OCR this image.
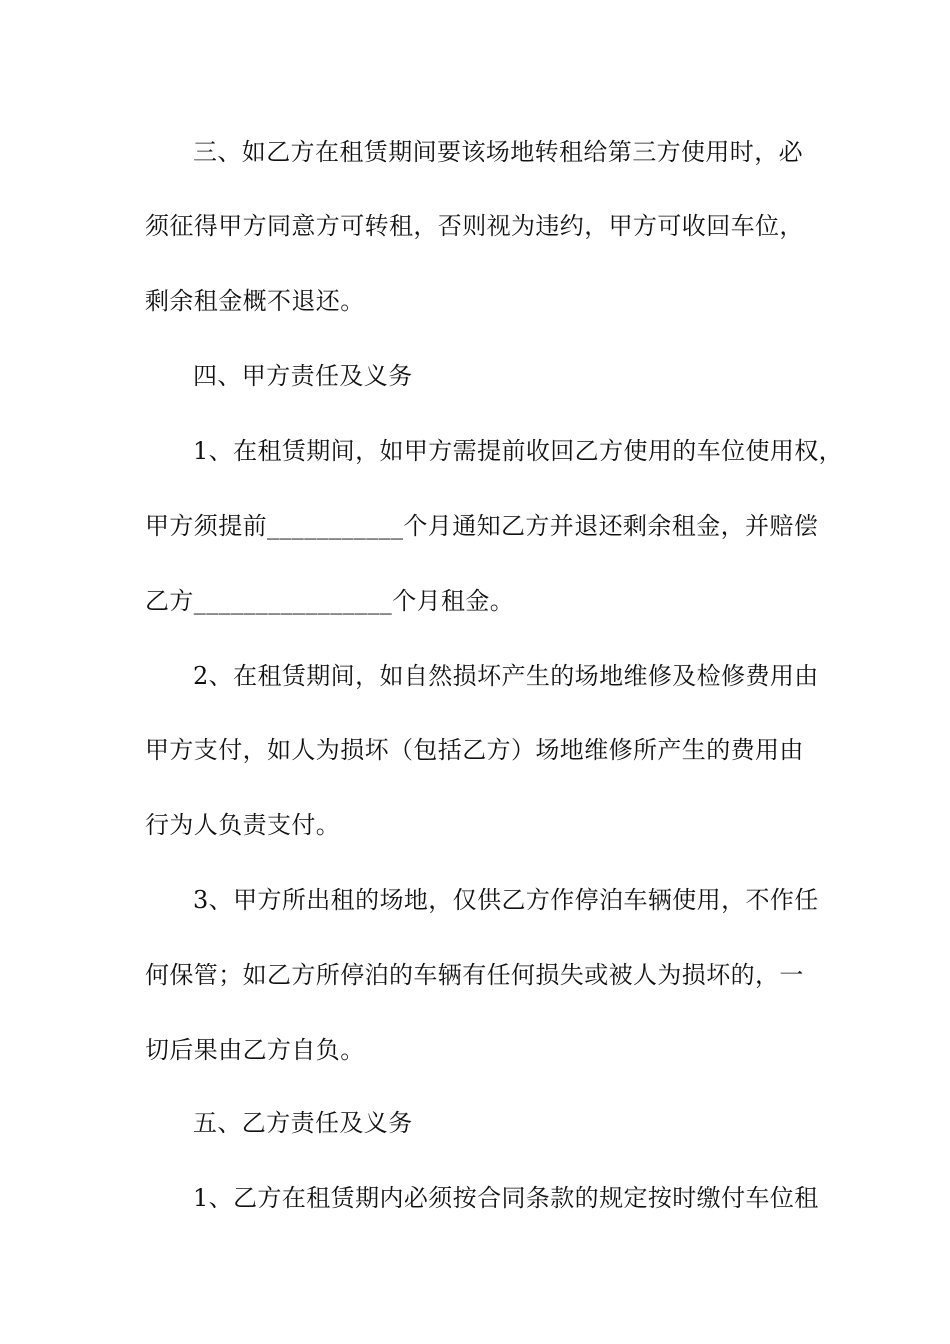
三、如乙方在租赁期间要该场地转租给第三方使用时，必
须征得甲方同意方可转租，否则视为违约，甲方可收回车位，
剩余租金概不退还。
四、甲方责任及义务
1、在租赁期间，如甲方需提前收回乙方使用的车位使用权，
甲方须提前___________个月通知乙方并退还剩余租金，并赔偿
乙方________________个月租金。
2、在租赁期间，如自然损坏产生的场地维修及检修费用由
甲方支付，如人为损坏（包括乙方）场地维修所产生的费用由
行为人负责支付。
3、甲方所出租的场地，仅供乙方作停泊车辆使用，不作任
何保管；如乙方所停泊的车辆有任何损失或被人为损坏的，一
切后果由乙方自负。
五、乙方责任及义务
1、乙方在租赁期内必须按合同条款的规定按时缴付车位租
